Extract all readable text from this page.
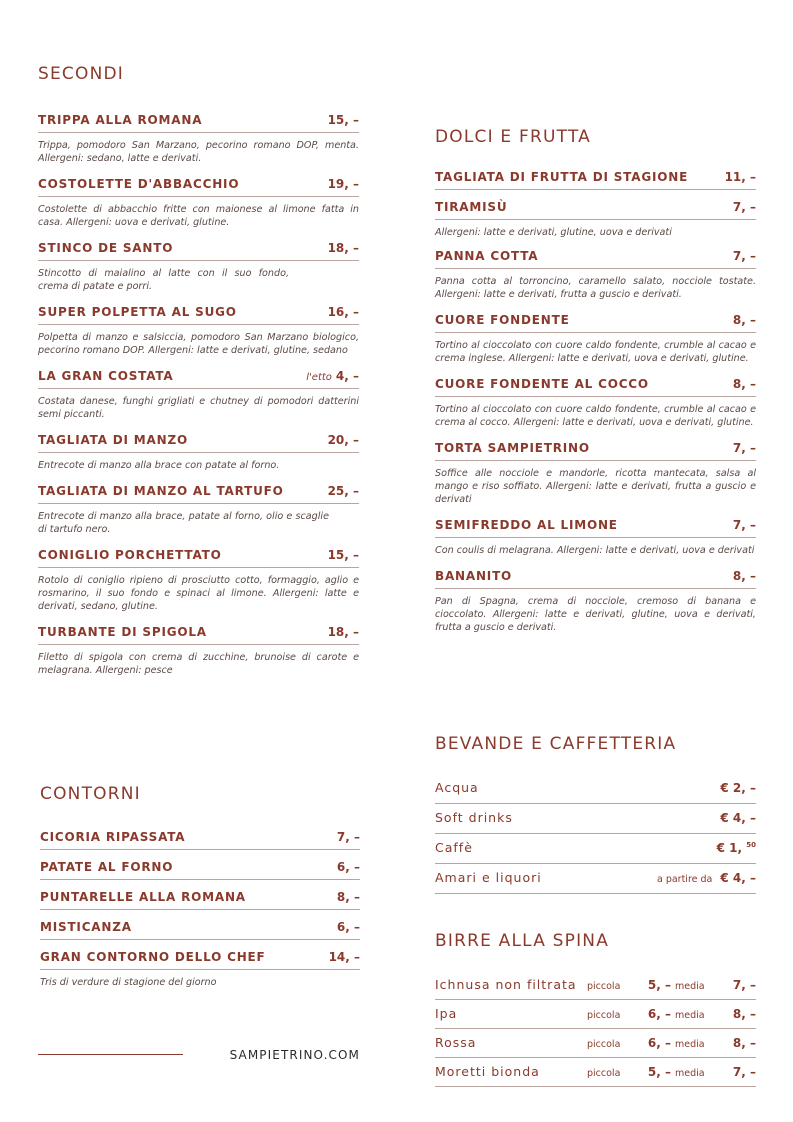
SECONDI
TRIPPA ALLA ROMANA	15, –
Trippa, pomodoro San Marzano, pecorino romano DOP, menta. Allergeni: sedano, latte e derivati.
COSTOLETTE D'ABBACCHIO	19, –
Costolette di abbacchio fritte con maionese al limone fatta in casa. Allergeni: uova e derivati, glutine.
STINCO DE SANTO	18, –
Stincotto di maialino al latte con il suo fondo, crema di patate e porri.
SUPER POLPETTA AL SUGO	16, –
Polpetta di manzo e salsiccia, pomodoro San Marzano biologico, pecorino romano DOP. Allergeni: latte e derivati, glutine, sedano
LA GRAN COSTATA	l'etto 4, –
Costata danese, funghi grigliati e chutney di pomodori datterini semi piccanti.
TAGLIATA DI MANZO	20, –
Entrecote di manzo alla brace con patate al forno.
TAGLIATA DI MANZO AL TARTUFO	25, –
Entrecote di manzo alla brace, patate al forno, olio e scaglie di tartufo nero.
CONIGLIO PORCHETTATO	15, –
Rotolo di coniglio ripieno di prosciutto cotto, formaggio, aglio e rosmarino, il suo fondo e spinaci al limone. Allergeni: latte e derivati, sedano, glutine.
TURBANTE DI SPIGOLA	18, –
Filetto di spigola con crema di zucchine, brunoise di carote e melagrana. Allergeni: pesce
CONTORNI
CICORIA RIPASSATA	7, –
PATATE AL FORNO	6, –
PUNTARELLE ALLA ROMANA	8, –
MISTICANZA	6, –
GRAN CONTORNO DELLO CHEF	14, –
Tris di verdure di stagione del giorno
DOLCI E FRUTTA
TAGLIATA DI FRUTTA DI STAGIONE	11, –
TIRAMISÙ	7, –
Allergeni: latte e derivati, glutine, uova e derivati
PANNA COTTA	7, –
Panna cotta al torroncino, caramello salato, nocciole tostate. Allergeni: latte e derivati, frutta a guscio e derivati.
CUORE FONDENTE	8, –
Tortino al cioccolato con cuore caldo fondente, crumble al cacao e crema inglese. Allergeni: latte e derivati, uova e derivati, glutine.
CUORE FONDENTE AL COCCO	8, –
Tortino al cioccolato con cuore caldo fondente, crumble al cacao e crema al cocco. Allergeni: latte e derivati, uova e derivati, glutine.
TORTA SAMPIETRINO	7, –
Soffice alle nocciole e mandorle, ricotta mantecata, salsa al mango e riso soffiato. Allergeni: latte e derivati, frutta a guscio e derivati
SEMIFREDDO AL LIMONE	7, –
Con coulis di melagrana. Allergeni: latte e derivati, uova e derivati
BANANITO	8, –
Pan di Spagna, crema di nocciole, cremoso di banana e cioccolato. Allergeni: latte e derivati, glutine, uova e derivati, frutta a guscio e derivati.
BEVANDE E CAFFETTERIA
Acqua	€ 2, –
Soft drinks	€ 4, –
Caffè	€ 1, $^{50}$
Amari e liquori	a partire da € 4, –
BIRRE ALLA SPINA
Ichnusa non filtrata	piccola	5, – media	7, –
Ipa	piccola	6, – media	8, –
Rossa	piccola	6, – media	8, –
Moretti bionda	piccola	5, – media	7, –
SAMPIETRINO.COM
